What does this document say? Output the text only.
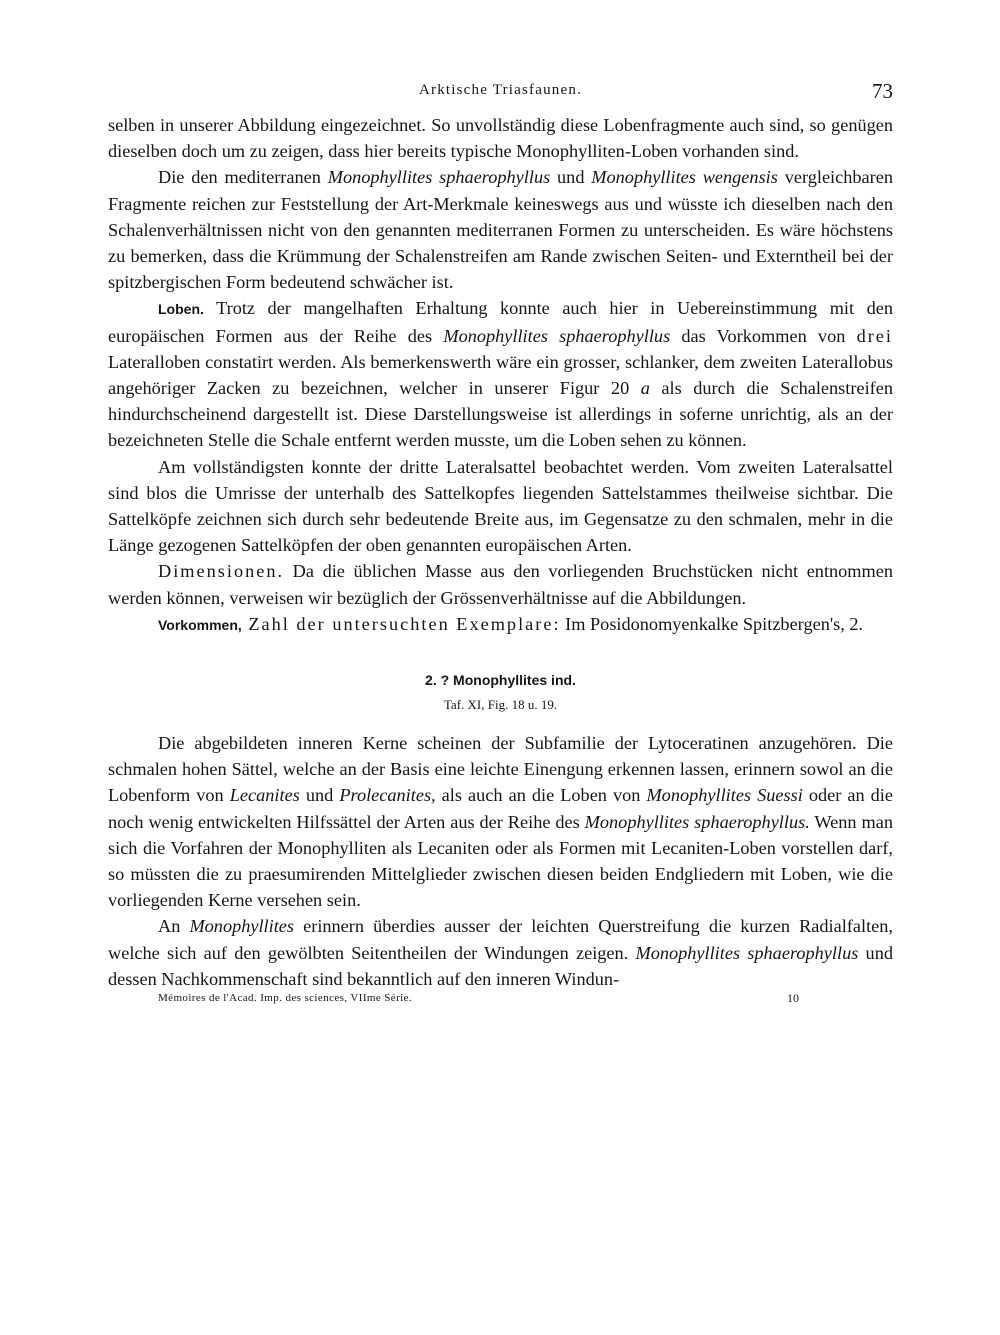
Arktische Triasfaunen.	73

selben in unserer Abbildung eingezeichnet. So unvollständig diese Lobenfragmente auch sind, so genügen dieselben doch um zu zeigen, dass hier bereits typische Monophylliten-Loben vorhanden sind.

Die den mediterranen Monophyllites sphaerophyllus und Monophyllites wengensis vergleichbaren Fragmente reichen zur Feststellung der Art-Merkmale keineswegs aus und wüsste ich dieselben nach den Schalenverhältnissen nicht von den genannten mediterranen Formen zu unterscheiden. Es wäre höchstens zu bemerken, dass die Krümmung der Schalenstreifen am Rande zwischen Seiten- und Externtheil bei der spitzbergischen Form bedeutend schwächer ist.

Loben. Trotz der mangelhaften Erhaltung konnte auch hier in Uebereinstimmung mit den europäischen Formen aus der Reihe des Monophyllites sphaerophyllus das Vorkommen von drei Lateralloben constatirt werden. Als bemerkenswerth wäre ein grosser, schlanker, dem zweiten Laterallobus angehöriger Zacken zu bezeichnen, welcher in unserer Figur 20 a als durch die Schalenstreifen hindurchscheinend dargestellt ist. Diese Darstellungsweise ist allerdings in soferne unrichtig, als an der bezeichneten Stelle die Schale entfernt werden musste, um die Loben sehen zu können.

Am vollständigsten konnte der dritte Lateralsattel beobachtet werden. Vom zweiten Lateralsattel sind blos die Umrisse der unterhalb des Sattelkopfes liegenden Sattelstammes theilweise sichtbar. Die Sattelköpfe zeichnen sich durch sehr bedeutende Breite aus, im Gegensatze zu den schmalen, mehr in die Länge gezogenen Sattelköpfen der oben genannten europäischen Arten.

Dimensionen. Da die üblichen Masse aus den vorliegenden Bruchstücken nicht entnommen werden können, verweisen wir bezüglich der Grössenverhältnisse auf die Abbildungen.

Vorkommen, Zahl der untersuchten Exemplare: Im Posidonomyenkalke Spitzbergen's, 2.

2. ? Monophyllites ind.
Taf. XI, Fig. 18 u. 19.

Die abgebildeten inneren Kerne scheinen der Subfamilie der Lytoceratinen anzugehören. Die schmalen hohen Sättel, welche an der Basis eine leichte Einengung erkennen lassen, erinnern sowol an die Lobenform von Lecanites und Prolecanites, als auch an die Loben von Monophyllites Suessi oder an die noch wenig entwickelten Hilfssättel der Arten aus der Reihe des Monophyllites sphaerophyllus. Wenn man sich die Vorfahren der Monophylliten als Lecaniten oder als Formen mit Lecaniten-Loben vorstellen darf, so müssten die zu praesumirenden Mittelglieder zwischen diesen beiden Endgliedern mit Loben, wie die vorliegenden Kerne versehen sein.

An Monophyllites erinnern überdies ausser der leichten Querstreifung die kurzen Radialfalten, welche sich auf den gewölbten Seitentheilen der Windungen zeigen. Monophyllites sphaerophyllus und dessen Nachkommenschaft sind bekanntlich auf den inneren Windun-

Mémoires de l'Acad. Imp. des sciences, VIIme Série.	10
